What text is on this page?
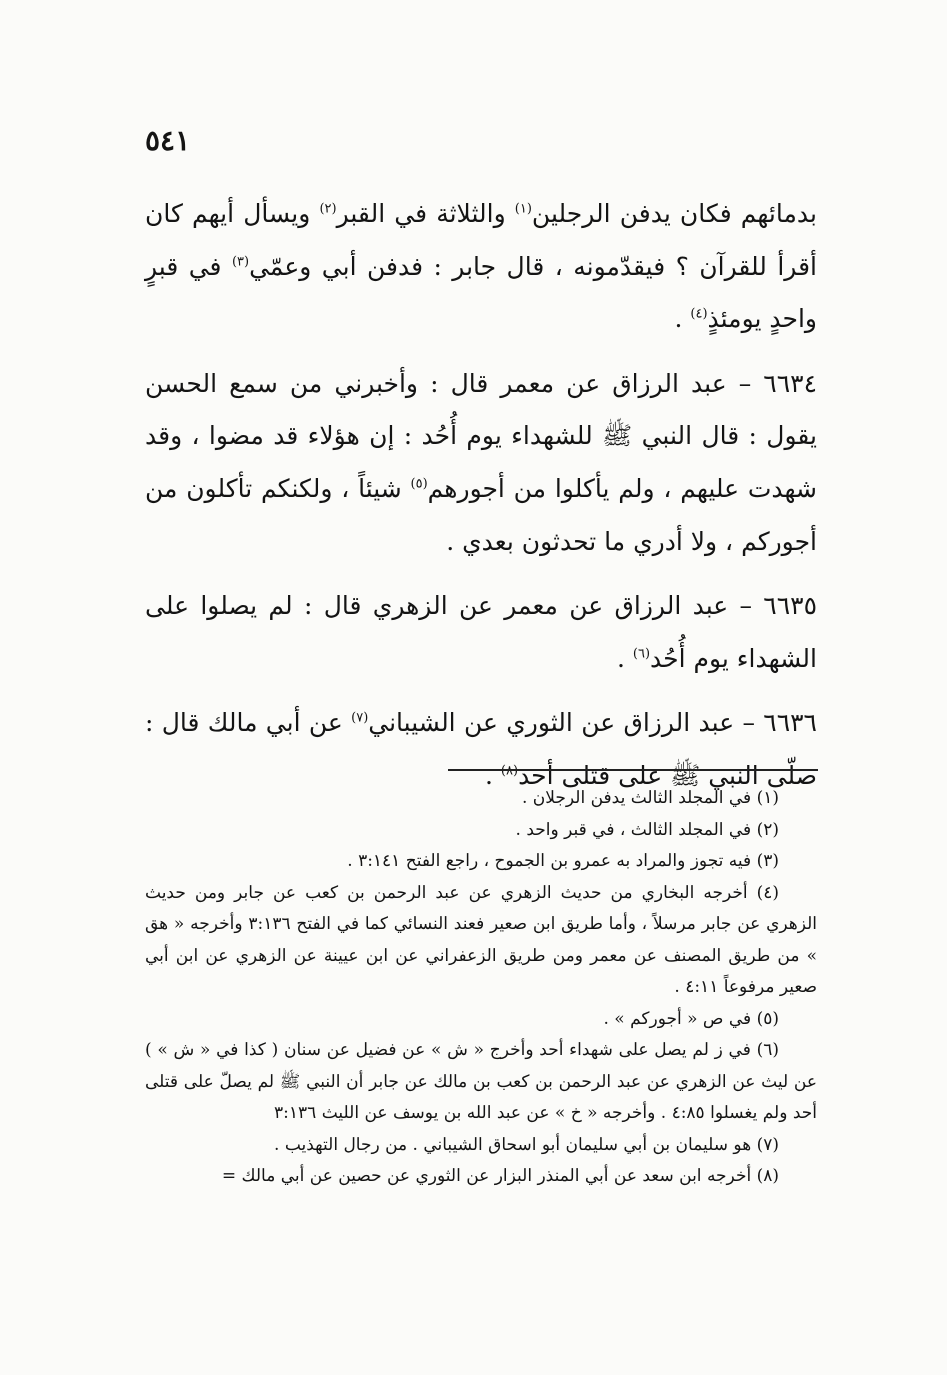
٥٤١

بدمائهم فكان يدفن الرجلين$^{(١)}$ والثلاثة في القبر$^{(٢)}$ ويسأل أيهم كان أقرأ للقرآن ؟ فيقدّمونه ، قال جابر : فدفن أبي وعمّي$^{(٣)}$ في قبرٍ واحدٍ يومئذٍ$^{(٤)}$ .

٦٦٣٤ – عبد الرزاق عن معمر قال : وأخبرني من سمع الحسن يقول : قال النبي ﷺ للشهداء يوم أُحُد : إن هؤلاء قد مضوا ، وقد شهدت عليهم ، ولم يأكلوا من أجورهم$^{(٥)}$ شيئاً ، ولكنكم تأكلون من أجوركم ، ولا أدري ما تحدثون بعدي .

٦٦٣٥ – عبد الرزاق عن معمر عن الزهري قال : لم يصلوا على الشهداء يوم أُحُد$^{(٦)}$ .

٦٦٣٦ – عبد الرزاق عن الثوري عن الشيباني$^{(٧)}$ عن أبي مالك قال : صلّى النبي ﷺ على قتلى أحد$^{(٨)}$ .

(١) في المجلد الثالث يدفن الرجلان .

(٢) في المجلد الثالث ، في قبر واحد .

(٣) فيه تجوز والمراد به عمرو بن الجموح ، راجع الفتح ٣:١٤١ .

(٤) أخرجه البخاري من حديث الزهري عن عبد الرحمن بن كعب عن جابر ومن حديث الزهري عن جابر مرسلاً ، وأما طريق ابن صعير فعند النسائي كما في الفتح ٣:١٣٦ وأخرجه « هق » من طريق المصنف عن معمر ومن طريق الزعفراني عن ابن عيينة عن الزهري عن ابن أبي صعير مرفوعاً ٤:١١ .

(٥) في ص « أجوركم » .

(٦) في ز لم يصل على شهداء أحد وأخرج « ش » عن فضيل عن سنان ( كذا في « ش » ) عن ليث عن الزهري عن عبد الرحمن بن كعب بن مالك عن جابر أن النبي ﷺ لم يصلّ على قتلى أحد ولم يغسلوا ٤:٨٥ . وأخرجه « خ » عن عبد الله بن يوسف عن الليث ٣:١٣٦

(٧) هو سليمان بن أبي سليمان أبو اسحاق الشيباني . من رجال التهذيب .

(٨) أخرجه ابن سعد عن أبي المنذر البزار عن الثوري عن حصين عن أبي مالك =
